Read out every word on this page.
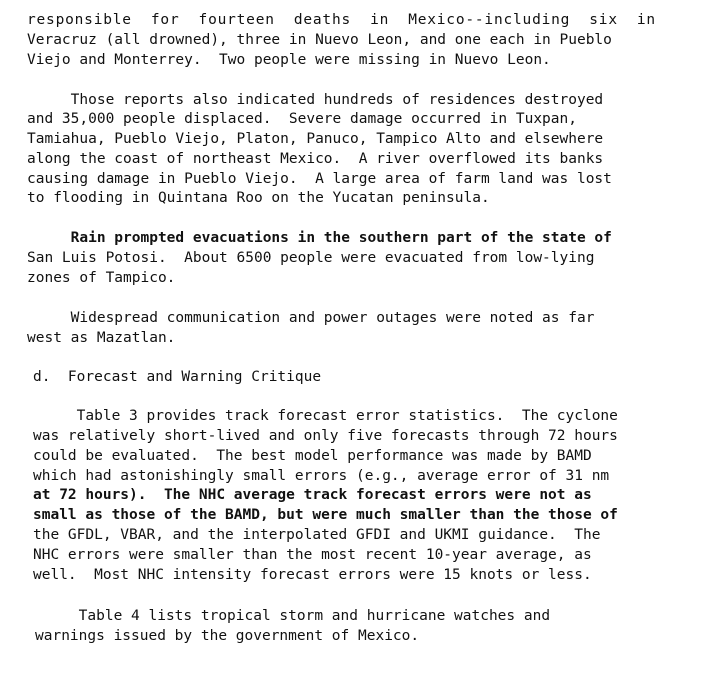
responsible  for  fourteen  deaths  in  Mexico--including  six  in
Veracruz (all drowned), three in Nuevo Leon, and one each in Pueblo
Viejo and Monterrey.  Two people were missing in Nuevo Leon.
Those reports also indicated hundreds of residences destroyed
and 35,000 people displaced.  Severe damage occurred in Tuxpan,
Tamiahua, Pueblo Viejo, Platon, Panuco, Tampico Alto and elsewhere
along the coast of northeast Mexico.  A river overflowed its banks
causing damage in Pueblo Viejo.  A large area of farm land was lost
to flooding in Quintana Roo on the Yucatan peninsula.
Rain prompted evacuations in the southern part of the state of
San Luis Potosi.  About 6500 people were evacuated from low-lying
zones of Tampico.
Widespread communication and power outages were noted as far
west as Mazatlan.
d.  Forecast and Warning Critique
Table 3 provides track forecast error statistics.  The cyclone
was relatively short-lived and only five forecasts through 72 hours
could be evaluated.  The best model performance was made by BAMD
which had astonishingly small errors (e.g., average error of 31 nm
at 72 hours).  The NHC average track forecast errors were not as
small as those of the BAMD, but were much smaller than the those of
the GFDL, VBAR, and the interpolated GFDI and UKMI guidance.  The
NHC errors were smaller than the most recent 10-year average, as
well.  Most NHC intensity forecast errors were 15 knots or less.
Table 4 lists tropical storm and hurricane watches and
warnings issued by the government of Mexico.
